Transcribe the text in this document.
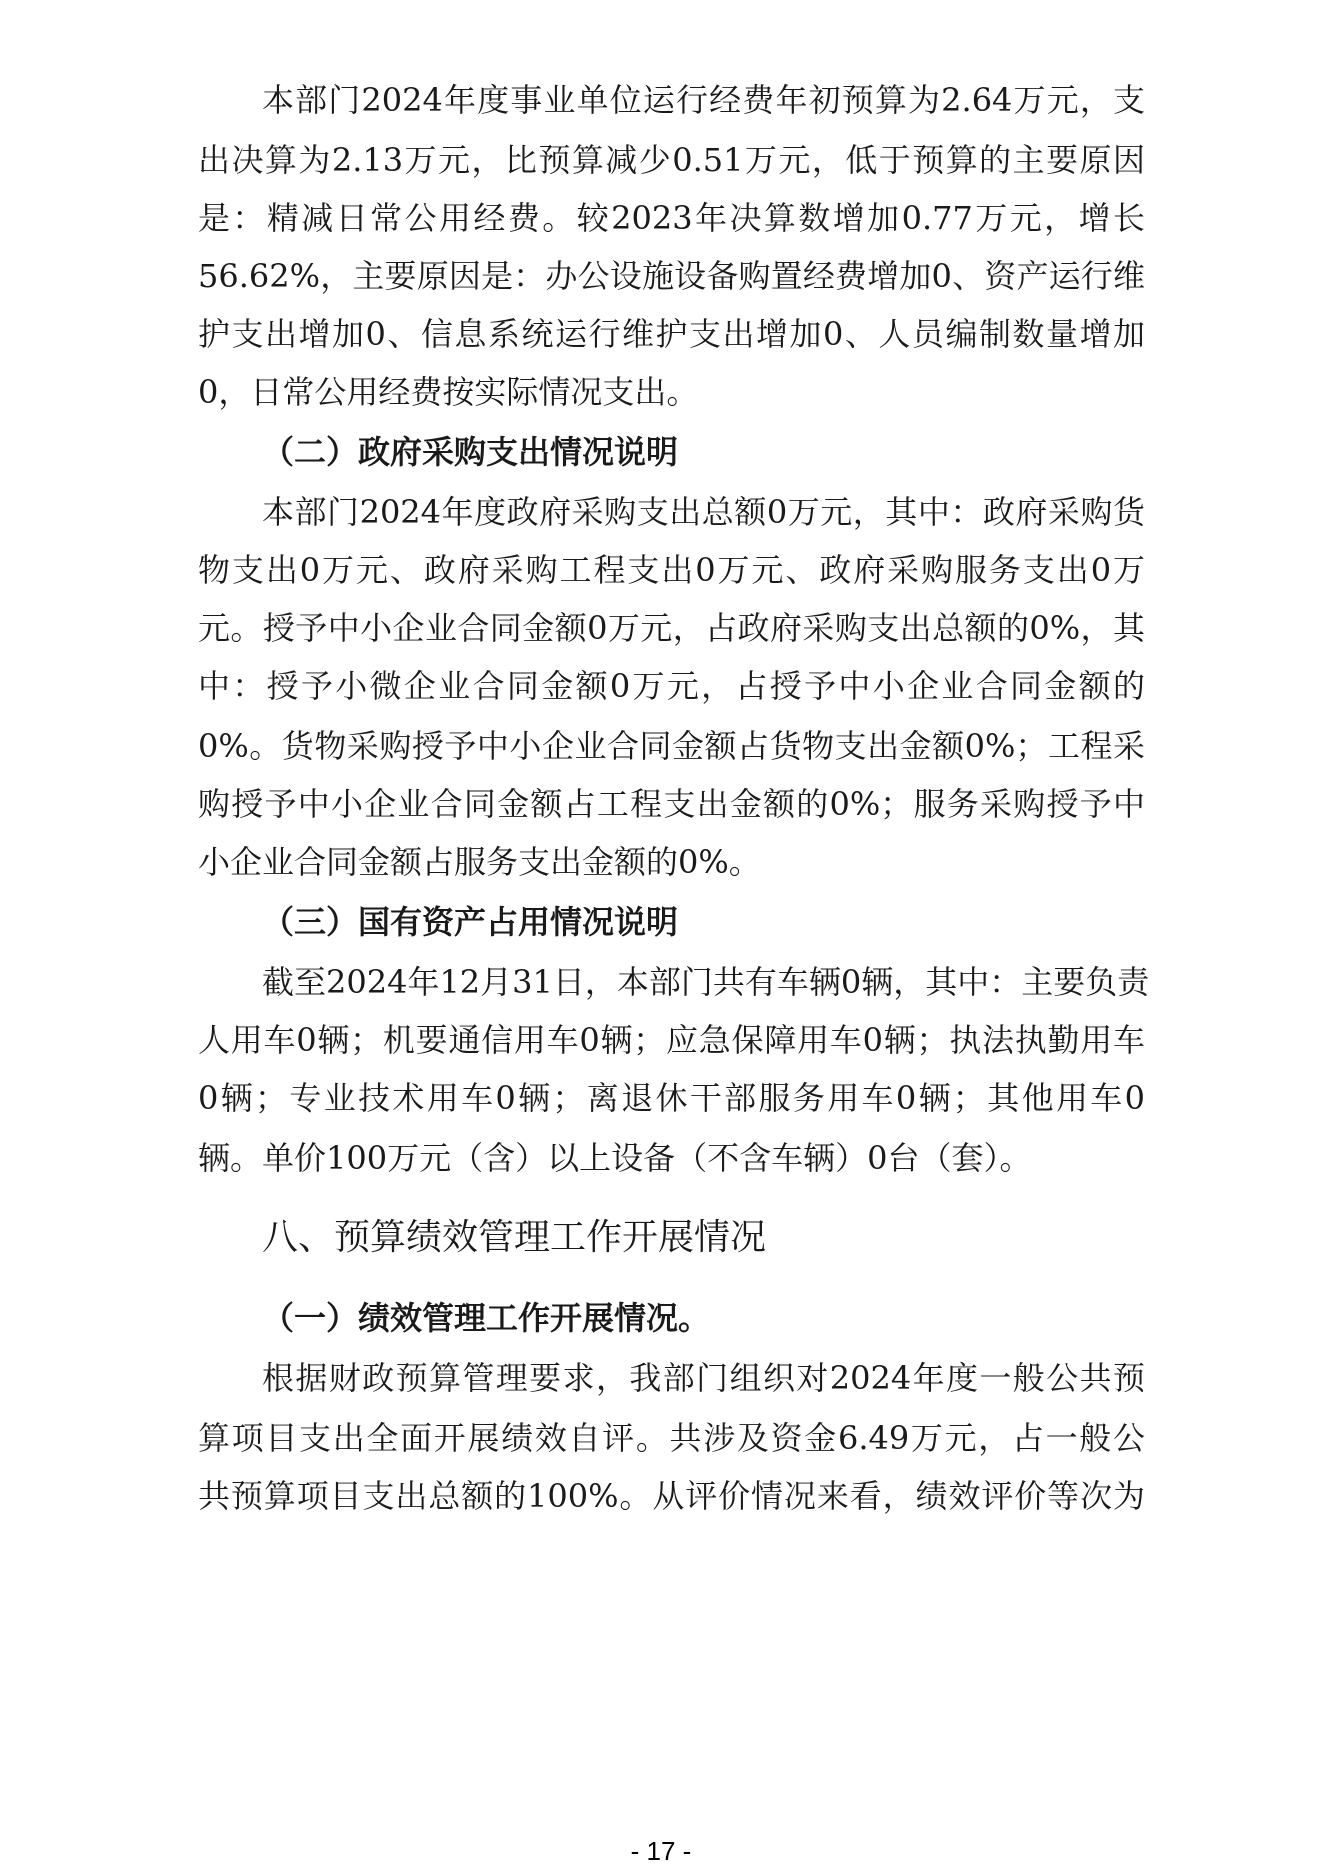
本部门2024年度事业单位运行经费年初预算为2.64万元，支
出决算为2.13万元，比预算减少0.51万元，低于预算的主要原因
是：精减日常公用经费。较2023年决算数增加0.77万元，增长
56.62%，主要原因是：办公设施设备购置经费增加0、资产运行维
护支出增加0、信息系统运行维护支出增加0、人员编制数量增加
0，日常公用经费按实际情况支出。
（二）政府采购支出情况说明
本部门2024年度政府采购支出总额0万元，其中：政府采购货
物支出0万元、政府采购工程支出0万元、政府采购服务支出0万
元。授予中小企业合同金额0万元，占政府采购支出总额的0%，其
中：授予小微企业合同金额0万元，占授予中小企业合同金额的
0%。货物采购授予中小企业合同金额占货物支出金额0%；工程采
购授予中小企业合同金额占工程支出金额的0%；服务采购授予中
小企业合同金额占服务支出金额的0%。
（三）国有资产占用情况说明
截至2024年12月31日，本部门共有车辆0辆，其中：主要负责
人用车0辆；机要通信用车0辆；应急保障用车0辆；执法执勤用车
0辆；专业技术用车0辆；离退休干部服务用车0辆；其他用车0
辆。单价100万元（含）以上设备（不含车辆）0台（套）。
八、预算绩效管理工作开展情况
（一）绩效管理工作开展情况。
根据财政预算管理要求，我部门组织对2024年度一般公共预
算项目支出全面开展绩效自评。共涉及资金6.49万元，占一般公
共预算项目支出总额的100%。从评价情况来看，绩效评价等次为
- 17 -
